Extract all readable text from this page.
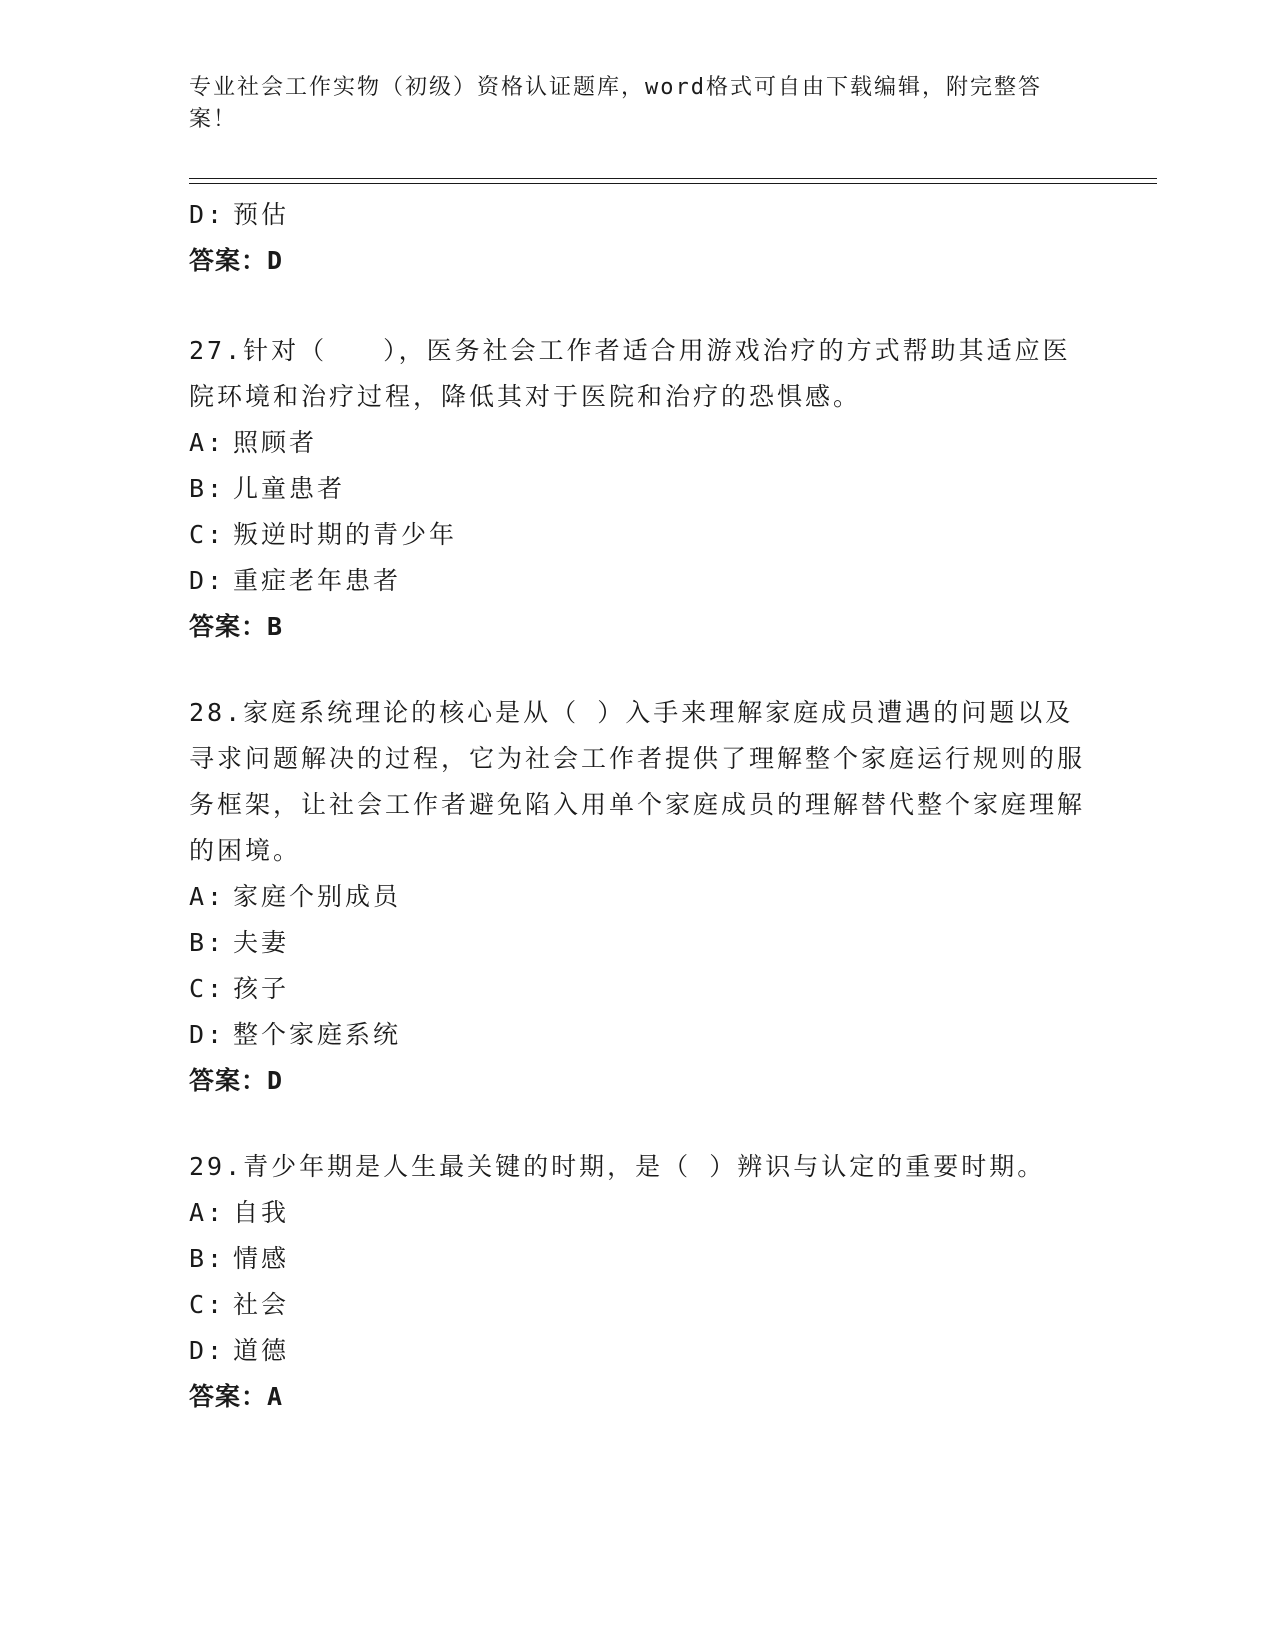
专业社会工作实物（初级）资格认证题库，word格式可自由下载编辑，附完整答案！
D: 预估
答案：D
27.针对（　　），医务社会工作者适合用游戏治疗的方式帮助其适应医院环境和治疗过程，降低其对于医院和治疗的恐惧感。
A: 照顾者
B: 儿童患者
C: 叛逆时期的青少年
D: 重症老年患者
答案：B
28.家庭系统理论的核心是从（ ）入手来理解家庭成员遭遇的问题以及寻求问题解决的过程，它为社会工作者提供了理解整个家庭运行规则的服务框架，让社会工作者避免陷入用单个家庭成员的理解替代整个家庭理解的困境。
A: 家庭个别成员
B: 夫妻
C: 孩子
D: 整个家庭系统
答案：D
29.青少年期是人生最关键的时期，是（ ）辨识与认定的重要时期。
A: 自我
B: 情感
C: 社会
D: 道德
答案：A
